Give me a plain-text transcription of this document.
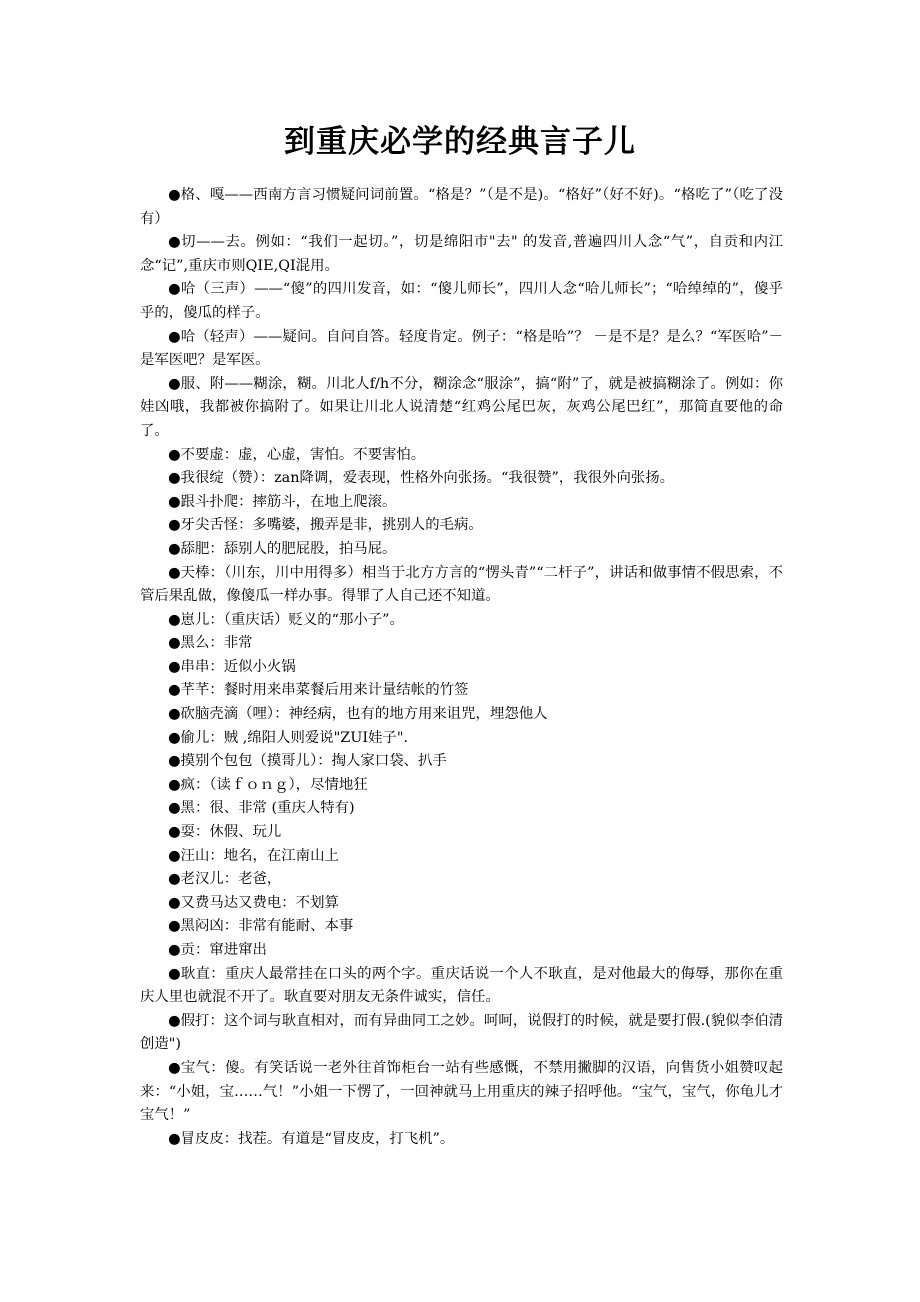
到重庆必学的经典言子儿

●格、嘎——西南方言习惯疑问词前置。“格是？”（是不是)。“格好”（好不好)。“格吃了”（吃了没有）

●切——去。例如：“我们一起切。”，切是绵阳市"去" 的发音,普遍四川人念“气”，自贡和内江念“记”,重庆市则QIE,QI混用。

●哈（三声）——“傻”的四川发音，如：“傻儿师长”，四川人念“哈儿师长”；“哈绰绰的”，傻乎乎的，傻瓜的样子。

●哈（轻声）——疑问。自问自答。轻度肯定。例子：“格是哈”？ －是不是？是么？“军医哈”－是军医吧？是军医。

●服、附——糊涂，糊。川北人f/h不分，糊涂念“服涂”，搞“附”了，就是被搞糊涂了。例如：你娃凶哦，我都被你搞附了。如果让川北人说清楚“红鸡公尾巴灰，灰鸡公尾巴红”，那简直要他的命了。

●不要虚：虚，心虚，害怕。不要害怕。

●我很绽（赞）：zan降调，爱表现，性格外向张扬。“我很赞”，我很外向张扬。

●跟斗扑爬：摔筋斗，在地上爬滚。

●牙尖舌怪：多嘴婆，搬弄是非，挑别人的毛病。

●舔肥：舔别人的肥屁股，拍马屁。

●天棒：（川东，川中用得多）相当于北方方言的“愣头青”“二杆子”，讲话和做事情不假思索，不管后果乱做，像傻瓜一样办事。得罪了人自己还不知道。

●崽儿：（重庆话）贬义的“那小子”。

●黑么：非常

●串串：近似小火锅

●芊芊：餐时用来串菜餐后用来计量结帐的竹签

●砍脑壳滴（哩）：神经病，也有的地方用来诅咒，埋怨他人

●偷儿：贼 ,绵阳人则爱说"ZUI娃子".

●摸别个包包（摸哥儿）：掏人家口袋、扒手

●疯：（读ｆｏｎｇ），尽情地狂

●黑：很、非常 (重庆人特有)

●耍：休假、玩儿

●汪山：地名，在江南山上

●老汉儿：老爸，

●又费马达又费电：不划算

●黑闷凶：非常有能耐、本事

●贡：窜进窜出

●耿直：重庆人最常挂在口头的两个字。重庆话说一个人不耿直，是对他最大的侮辱，那你在重庆人里也就混不开了。耿直要对朋友无条件诚实，信任。

●假打：这个词与耿直相对，而有异曲同工之妙。呵呵，说假打的时候，就是要打假.(貌似李伯清创造")

●宝气：傻。有笑话说一老外往首饰柜台一站有些感慨，不禁用撇脚的汉语，向售货小姐赞叹起来：“小姐，宝……气！”小姐一下愣了，一回神就马上用重庆的辣子招呼他。“宝气，宝气，你龟儿才宝气！”

●冒皮皮：找茬。有道是“冒皮皮，打飞机”。
